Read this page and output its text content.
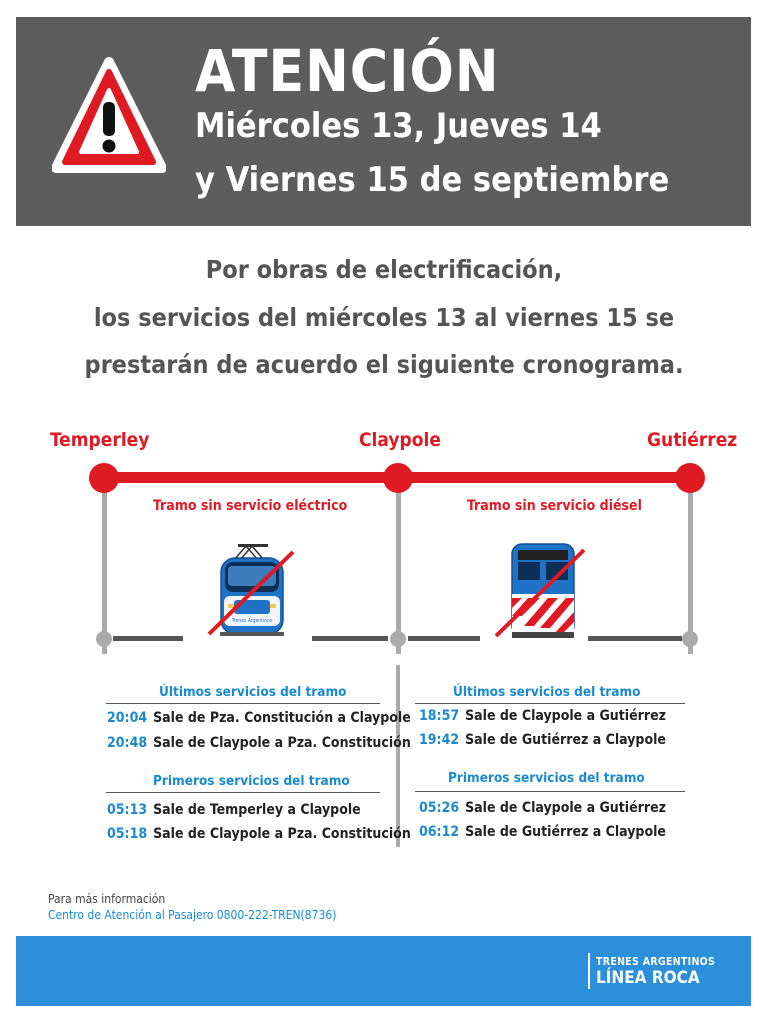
ATENCIÓN
Miércoles 13, Jueves 14
y Viernes 15 de septiembre
Por obras de electrificación,
los servicios del miércoles 13 al viernes 15 se
prestarán de acuerdo el siguiente cronograma.
Temperley	Claypole	Gutiérrez
Tramo sin servicio eléctrico	Tramo sin servicio diésel
Trenes Argentinos
Últimos servicios del tramo
20:04 Sale de Pza. Constitución a Claypole
20:48 Sale de Claypole a Pza. Constitución
Primeros servicios del tramo
05:13 Sale de Temperley a Claypole
05:18 Sale de Claypole a Pza. Constitución
Últimos servicios del tramo
18:57 Sale de Claypole a Gutiérrez
19:42 Sale de Gutiérrez a Claypole
Primeros servicios del tramo
05:26 Sale de Claypole a Gutiérrez
06:12 Sale de Gutiérrez a Claypole
Para más información
Centro de Atención al Pasajero 0800-222-TREN(8736)
TRENES ARGENTINOS
LÍNEA ROCA
